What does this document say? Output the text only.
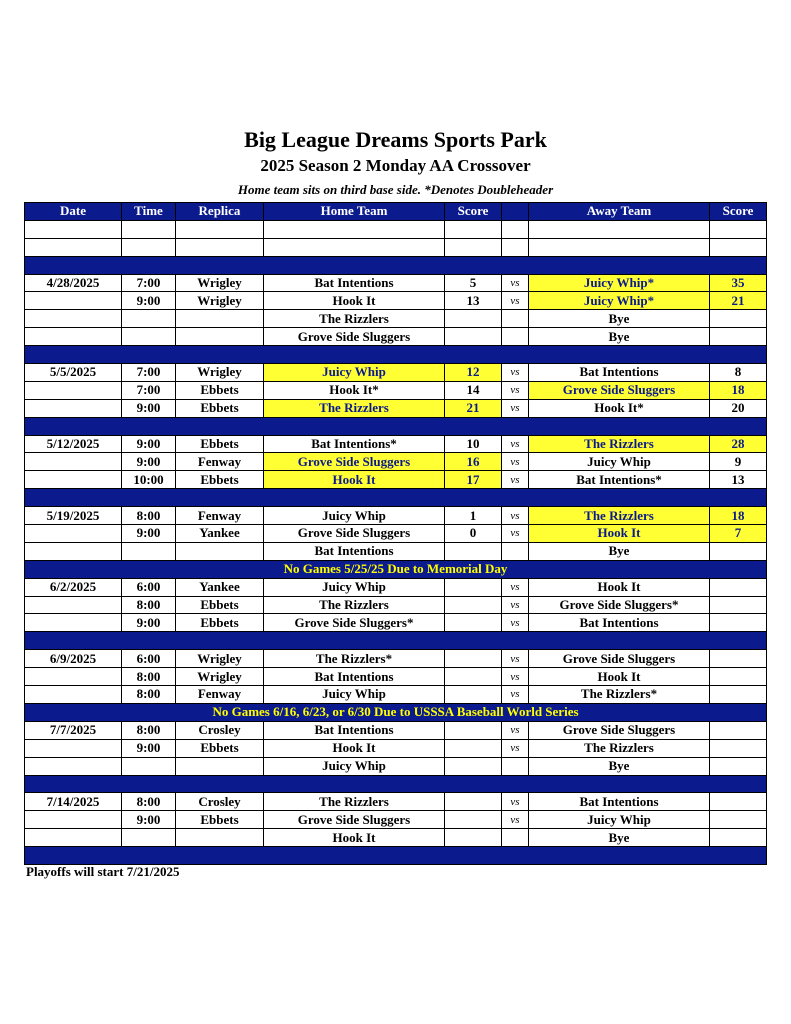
Big League Dreams Sports Park
2025 Season 2 Monday AA Crossover
Home team sits on third base side. *Denotes Doubleheader
Date	Time	Replica	Home Team	Score		Away Team	Score

4/28/2025	7:00	Wrigley	Bat Intentions	5	vs	Juicy Whip*	35
	9:00	Wrigley	Hook It	13	vs	Juicy Whip*	21
			The Rizzlers			Bye	
			Grove Side Sluggers			Bye	

5/5/2025	7:00	Wrigley	Juicy Whip	12	vs	Bat Intentions	8
	7:00	Ebbets	Hook It*	14	vs	Grove Side Sluggers	18
	9:00	Ebbets	The Rizzlers	21	vs	Hook It*	20

5/12/2025	9:00	Ebbets	Bat Intentions*	10	vs	The Rizzlers	28
	9:00	Fenway	Grove Side Sluggers	16	vs	Juicy Whip	9
	10:00	Ebbets	Hook It	17	vs	Bat Intentions*	13

5/19/2025	8:00	Fenway	Juicy Whip	1	vs	The Rizzlers	18
	9:00	Yankee	Grove Side Sluggers	0	vs	Hook It	7
			Bat Intentions			Bye	
No Games 5/25/25 Due to Memorial Day							
6/2/2025	6:00	Yankee	Juicy Whip		vs	Hook It	
	8:00	Ebbets	The Rizzlers		vs	Grove Side Sluggers*	
	9:00	Ebbets	Grove Side Sluggers*		vs	Bat Intentions	

6/9/2025	6:00	Wrigley	The Rizzlers*		vs	Grove Side Sluggers	
	8:00	Wrigley	Bat Intentions		vs	Hook It	
	8:00	Fenway	Juicy Whip		vs	The Rizzlers*	
No Games 6/16, 6/23, or 6/30 Due to USSSA Baseball World Series							
7/7/2025	8:00	Crosley	Bat Intentions		vs	Grove Side Sluggers	
	9:00	Ebbets	Hook It		vs	The Rizzlers	
			Juicy Whip			Bye	

7/14/2025	8:00	Crosley	The Rizzlers		vs	Bat Intentions	
	9:00	Ebbets	Grove Side Sluggers		vs	Juicy Whip	
			Hook It			Bye	

Playoffs will start 7/21/2025
